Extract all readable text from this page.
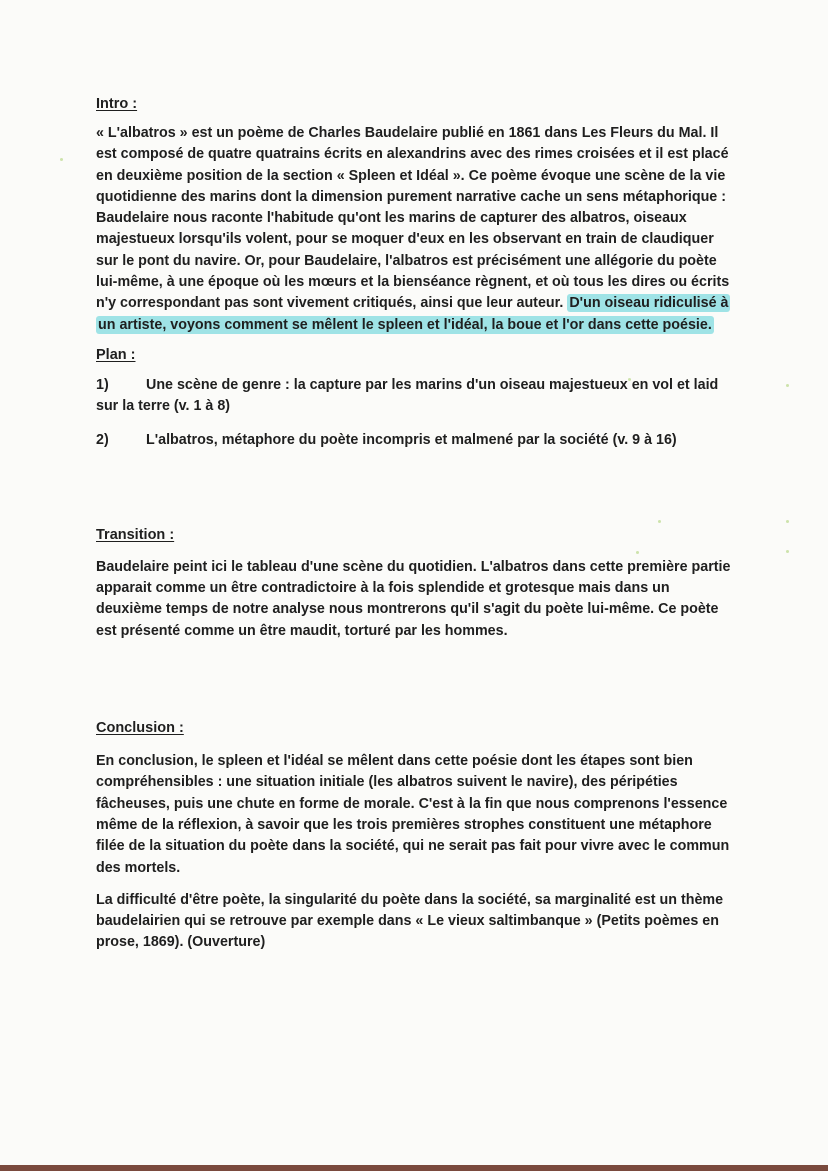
Intro :

« L'albatros » est un poème de Charles Baudelaire publié en 1861 dans Les Fleurs du Mal. Il est composé de quatre quatrains écrits en alexandrins avec des rimes croisées et il est placé en deuxième position de la section « Spleen et Idéal ». Ce poème évoque une scène de la vie quotidienne des marins dont la dimension purement narrative cache un sens métaphorique : Baudelaire nous raconte l'habitude qu'ont les marins de capturer des albatros, oiseaux majestueux lorsqu'ils volent, pour se moquer d'eux en les observant en train de claudiquer sur le pont du navire. Or, pour Baudelaire, l'albatros est précisément une allégorie du poète lui-même, à une époque où les mœurs et la bienséance règnent, et où tous les dires ou écrits n'y correspondant pas sont vivement critiqués, ainsi que leur auteur. D'un oiseau ridiculisé à un artiste, voyons comment se mêlent le spleen et l'idéal, la boue et l'or dans cette poésie.

Plan :
1)	Une scène de genre : la capture par les marins d'un oiseau majestueux en vol et laid sur la terre (v. 1 à 8)
2)	L'albatros, métaphore du poète incompris et malmené par la société (v. 9 à 16)
Transition :

Baudelaire peint ici le tableau d'une scène du quotidien. L'albatros dans cette première partie apparait comme un être contradictoire à la fois splendide et grotesque mais dans un deuxième temps de notre analyse nous montrerons qu'il s'agit du poète lui-même. Ce poète est présenté comme un être maudit, torturé par les hommes.

Conclusion :

En conclusion, le spleen et l'idéal se mêlent dans cette poésie dont les étapes sont bien compréhensibles : une situation initiale (les albatros suivent le navire), des péripéties fâcheuses, puis une chute en forme de morale. C'est à la fin que nous comprenons l'essence même de la réflexion, à savoir que les trois premières strophes constituent une métaphore filée de la situation du poète dans la société, qui ne serait pas fait pour vivre avec le commun des mortels.

La difficulté d'être poète, la singularité du poète dans la société, sa marginalité est un thème baudelairien qui se retrouve par exemple dans « Le vieux saltimbanque » (Petits poèmes en prose, 1869). (Ouverture)
